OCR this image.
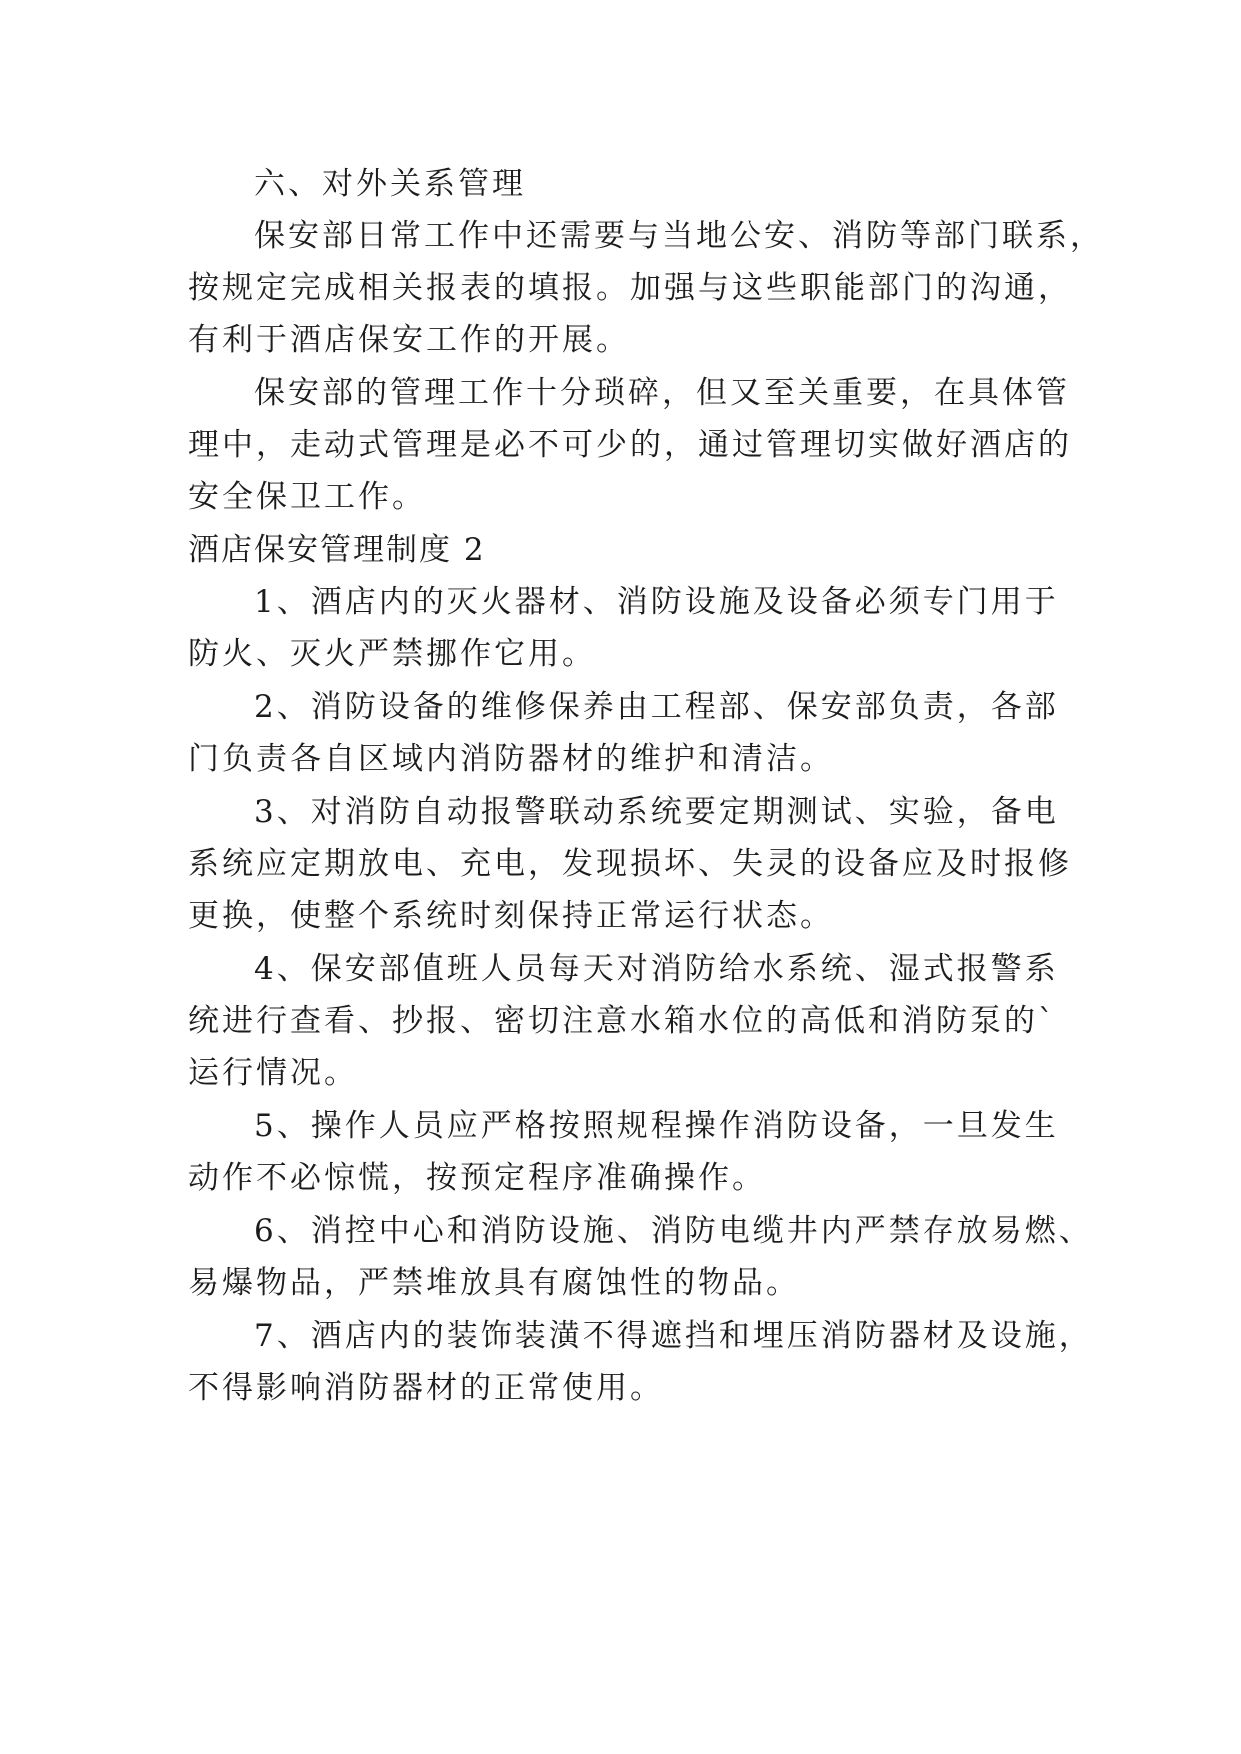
六、对外关系管理
保安部日常工作中还需要与当地公安、消防等部门联系，
按规定完成相关报表的填报。加强与这些职能部门的沟通，
有利于酒店保安工作的开展。
保安部的管理工作十分琐碎，但又至关重要，在具体管
理中，走动式管理是必不可少的，通过管理切实做好酒店的
安全保卫工作。
酒店保安管理制度 2
1、酒店内的灭火器材、消防设施及设备必须专门用于
防火、灭火严禁挪作它用。
2、消防设备的维修保养由工程部、保安部负责，各部
门负责各自区域内消防器材的维护和清洁。
3、对消防自动报警联动系统要定期测试、实验，备电
系统应定期放电、充电，发现损坏、失灵的设备应及时报修
更换，使整个系统时刻保持正常运行状态。
4、保安部值班人员每天对消防给水系统、湿式报警系
统进行查看、抄报、密切注意水箱水位的高低和消防泵的`
运行情况。
5、操作人员应严格按照规程操作消防设备，一旦发生
动作不必惊慌，按预定程序准确操作。
6、消控中心和消防设施、消防电缆井内严禁存放易燃、
易爆物品，严禁堆放具有腐蚀性的物品。
7、酒店内的装饰装潢不得遮挡和埋压消防器材及设施，
不得影响消防器材的正常使用。
